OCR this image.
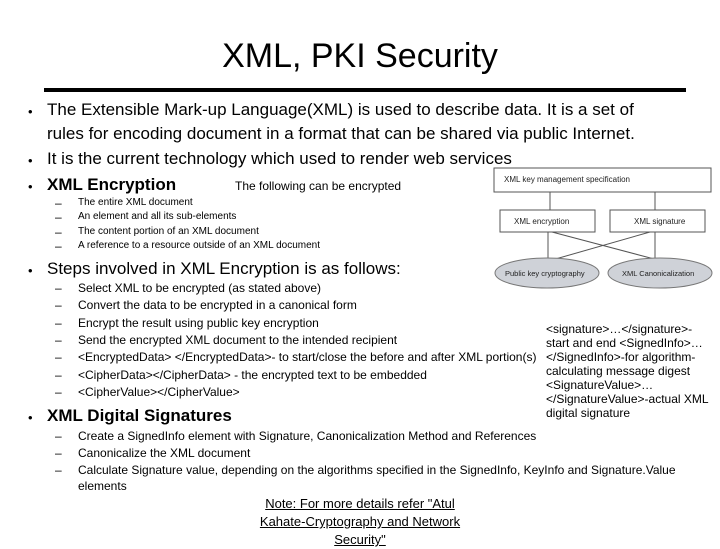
XML, PKI Security
• The Extensible Mark-up Language(XML) is used to describe data. It is a set of
rules for encoding document in a format that can be shared via public Internet.
• It is the current technology which used to render web services
• XML Encryption	The following can be encrypted
– The entire XML document
– An element and all its sub-elements
– The content portion of an XML document
– A reference to a resource outside of an XML document
• Steps involved in XML Encryption is as follows:
– Select XML to be encrypted (as stated above)
– Convert the data to be encrypted in a canonical form
– Encrypt the result using public key encryption
– Send the encrypted XML document to the intended recipient
– <EncryptedData> </EncryptedData>- to start/close the before and after XML portion(s)
– <CipherData></CipherData> - the encrypted text to be embedded
– <CipherValue></CipherValue>
• XML Digital Signatures
– Create a SignedInfo element with Signature, Canonicalization Method and References
– Canonicalize the XML document
– Calculate Signature value, depending on the algorithms specified in the SignedInfo, KeyInfo and Signature.Value
elements
<signature>…</signature>-start and end <SignedInfo>…</SignedInfo>-for algorithm-calculating message digest <SignatureValue>…</SignatureValue>-actual XML digital signature
Note: For more details refer "Atul Kahate-Cryptography and Network Security"
XML key management specification
XML encryption	XML signature
Public key cryptography	XML Canonicalization
